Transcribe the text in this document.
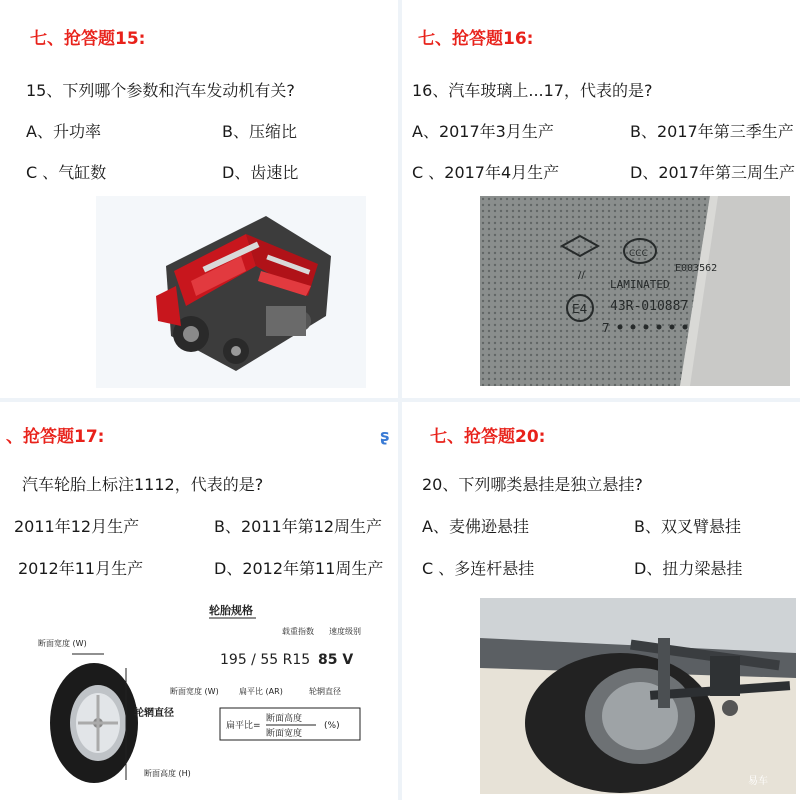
七、抢答题15:
15、下列哪个参数和汽车发动机有关?
A、升功率	B、压缩比
C 、气缸数	D、齿速比
七、抢答题16:
16、汽车玻璃上...17，代表的是?
A、2017年3月生产	B、2017年第三季生产
C 、2017年4月生产	D、2017年第三周生产
CCC
E003562
//
LAMINATED
E4 43R-010887
7
、抢答题17:	ʂ
汽车轮胎上标注1112，代表的是?
2011年12月生产	B、2011年第12周生产
2012年11月生产	D、2012年第11周生产
轮胎规格
载重指数 速度级别
断面宽度 (W)
轮辋直径
195 / 55 R15 85 V
断面宽度 (W)	扁平比 (AR)	轮辋直径
扁平比=
断面高度
断面宽度
(%)
断面高度 (H)
七、抢答题20:
20、下列哪类悬挂是独立悬挂?
A、麦佛逊悬挂	B、双叉臂悬挂
C 、多连杆悬挂	D、扭力梁悬挂
易车
